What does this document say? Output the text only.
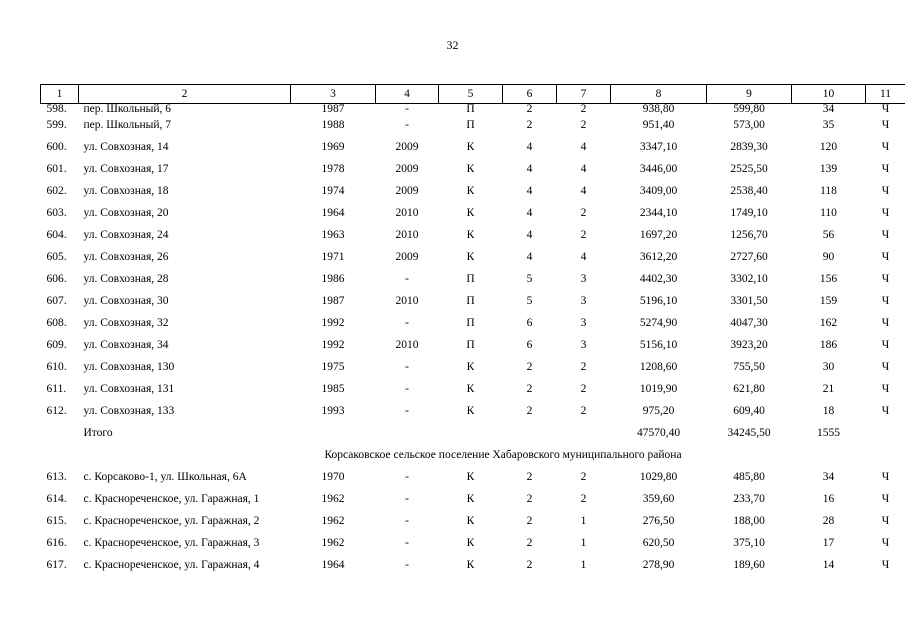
32
1	2	3	4	5	6	7	8	9	10	11
598.	пер. Школьный, 6	1987	-	П	2	2	938,80	599,80	34	Ч
599.	пер. Школьный, 7	1988	-	П	2	2	951,40	573,00	35	Ч
600.	ул. Совхозная, 14	1969	2009	К	4	4	3347,10	2839,30	120	Ч
601.	ул. Совхозная, 17	1978	2009	К	4	4	3446,00	2525,50	139	Ч
602.	ул. Совхозная, 18	1974	2009	К	4	4	3409,00	2538,40	118	Ч
603.	ул. Совхозная, 20	1964	2010	К	4	2	2344,10	1749,10	110	Ч
604.	ул. Совхозная, 24	1963	2010	К	4	2	1697,20	1256,70	56	Ч
605.	ул. Совхозная, 26	1971	2009	К	4	4	3612,20	2727,60	90	Ч
606.	ул. Совхозная, 28	1986	-	П	5	3	4402,30	3302,10	156	Ч
607.	ул. Совхозная, 30	1987	2010	П	5	3	5196,10	3301,50	159	Ч
608.	ул. Совхозная, 32	1992	-	П	6	3	5274,90	4047,30	162	Ч
609.	ул. Совхозная, 34	1992	2010	П	6	3	5156,10	3923,20	186	Ч
610.	ул. Совхозная, 130	1975	-	К	2	2	1208,60	755,50	30	Ч
611.	ул. Совхозная, 131	1985	-	К	2	2	1019,90	621,80	21	Ч
612.	ул. Совхозная, 133	1993	-	К	2	2	975,20	609,40	18	Ч
	Итого						47570,40	34245,50	1555	
Корсаковское сельское поселение Хабаровского муниципального района										
613.	с. Корсаково-1, ул. Школьная, 6А	1970	-	К	2	2	1029,80	485,80	34	Ч
614.	с. Краснореченское, ул. Гаражная, 1	1962	-	К	2	2	359,60	233,70	16	Ч
615.	с. Краснореченское, ул. Гаражная, 2	1962	-	К	2	1	276,50	188,00	28	Ч
616.	с. Краснореченское, ул. Гаражная, 3	1962	-	К	2	1	620,50	375,10	17	Ч
617.	с. Краснореченское, ул. Гаражная, 4	1964	-	К	2	1	278,90	189,60	14	Ч
